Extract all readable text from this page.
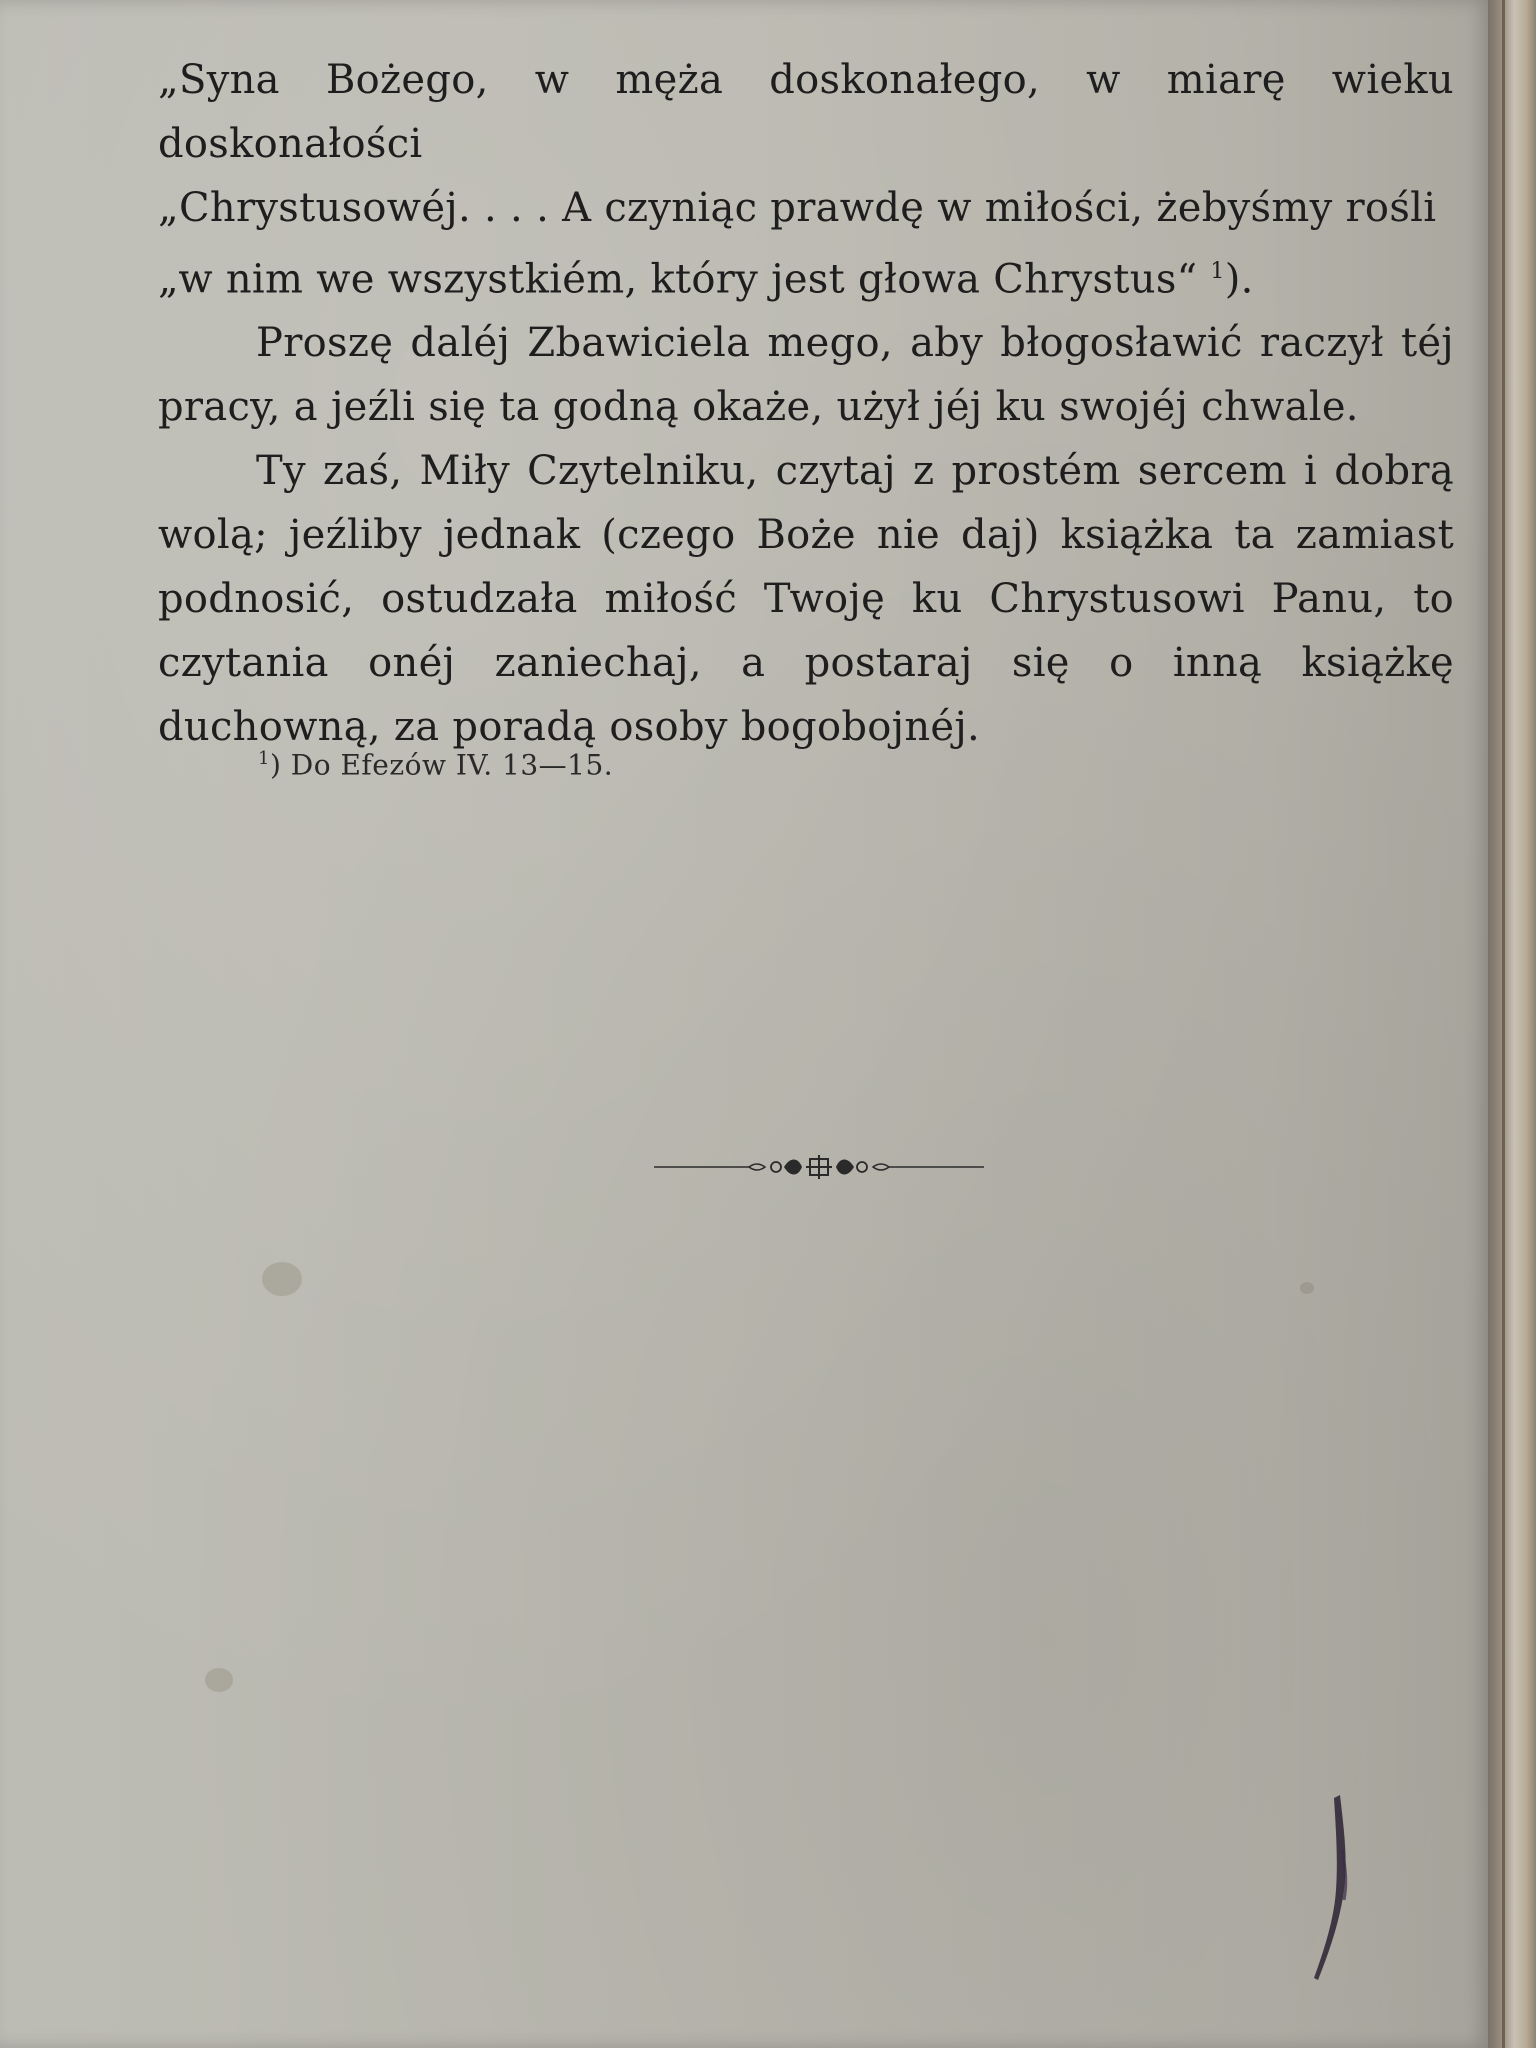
„Syna Bożego, w męża doskonałego, w miarę wieku doskonałości
„Chrystusowéj. . . . A czyniąc prawdę w miłości, żebyśmy rośli
„w nim we wszystkiém, który jest głowa Chrystus“ $^1$).

Proszę daléj Zbawiciela mego, aby błogosławić raczył téj pracy, a jeźli się ta godną okaże, użył jéj ku swojéj chwale.

Ty zaś, Miły Czytelniku, czytaj z prostém sercem i dobrą wolą; jeźliby jednak (czego Boże nie daj) książka ta zamiast podnosić, ostudzała miłość Twoję ku Chrystusowi Panu, to czytania onéj zaniechaj, a postaraj się o inną książkę duchowną, za poradą osoby bogobojnéj.

$^1$) Do Efezów IV. 13—15.
